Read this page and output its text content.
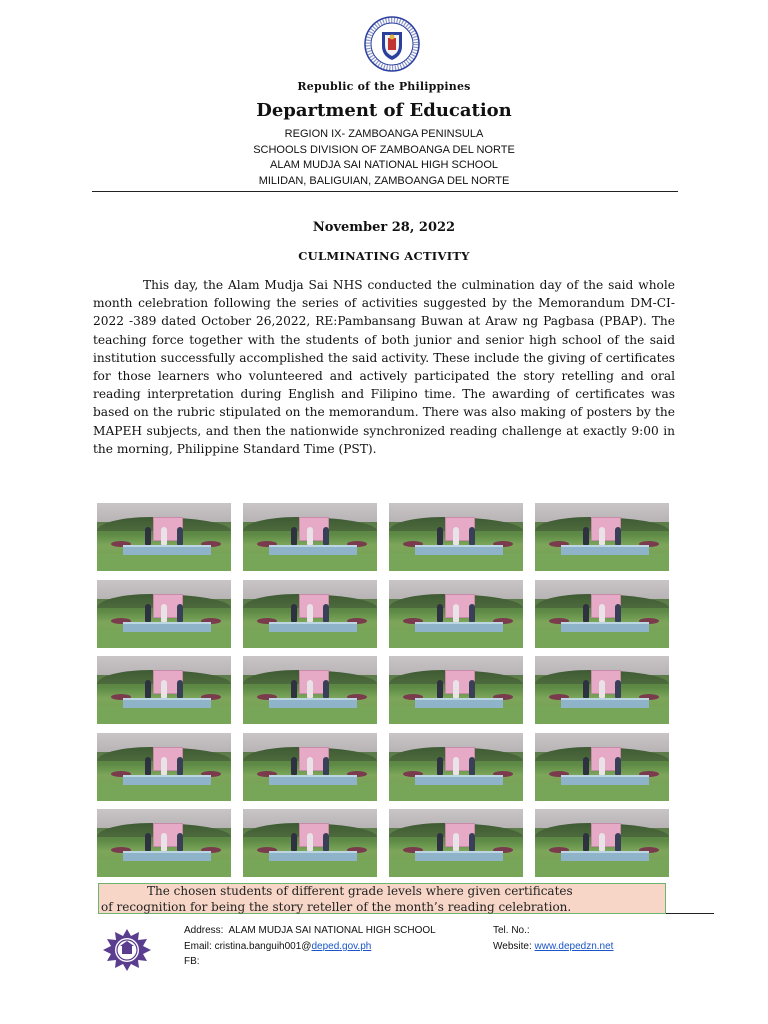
Republic of the Philippines
Department of Education
REGION IX- ZAMBOANGA PENINSULA
SCHOOLS DIVISION OF ZAMBOANGA DEL NORTE
ALAM MUDJA SAI NATIONAL HIGH SCHOOL
MILIDAN, BALIGUIAN, ZAMBOANGA DEL NORTE
November 28, 2022
CULMINATING ACTIVITY

This day, the Alam Mudja Sai NHS conducted the culmination day of the said whole month celebration following the series of activities suggested by the Memorandum DM-CI-2022 -389 dated October 26,2022, RE:Pambansang Buwan at Araw ng Pagbasa (PBAP). The teaching force together with the students of both junior and senior high school of the said institution successfully accomplished the said activity. These include the giving of certificates for those learners who volunteered and actively participated the story retelling and oral reading interpretation during English and Filipino time. The awarding of certificates was based on the rubric stipulated on the memorandum. There was also making of posters by the MAPEH subjects, and then the nationwide synchronized reading challenge at exactly 9:00 in the morning, Philippine Standard Time (PST).

The chosen students of different grade levels where given certificates
of recognition for being the story reteller of the month’s reading celebration.
Address: ALAM MUDJA SAI NATIONAL HIGH SCHOOL
Email: cristina.banguih001@deped.gov.ph
FB:
Tel. No.:
Website: www.depedzn.net
